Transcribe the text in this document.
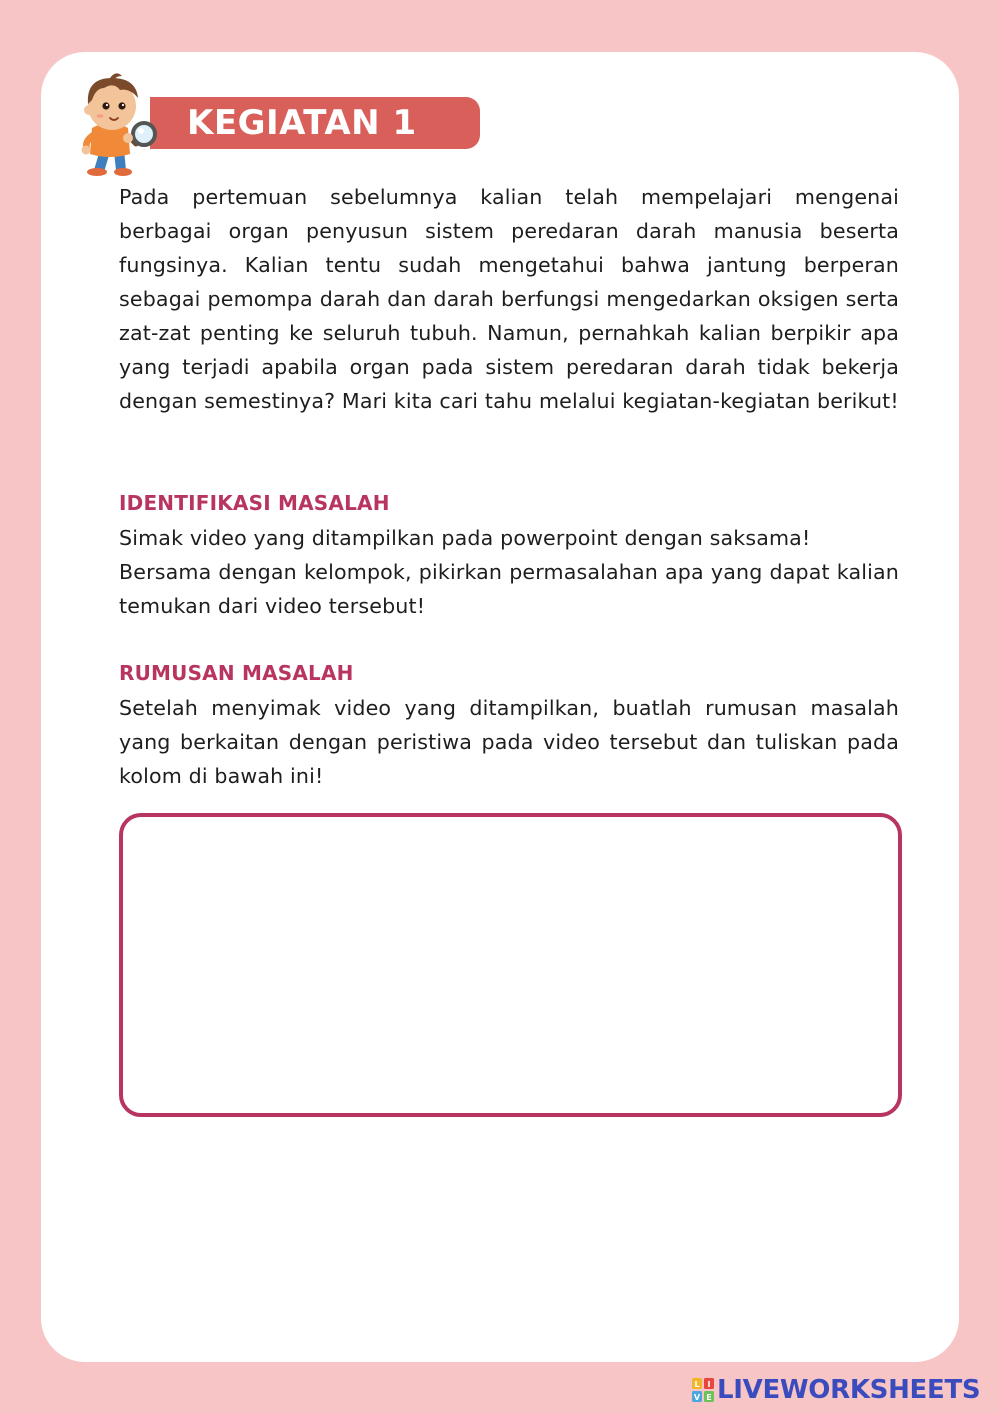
KEGIATAN 1

Pada pertemuan sebelumnya kalian telah mempelajari mengenai berbagai organ penyusun sistem peredaran darah manusia beserta fungsinya. Kalian tentu sudah mengetahui bahwa jantung berperan sebagai pemompa darah dan darah berfungsi mengedarkan oksigen serta zat-zat penting ke seluruh tubuh. Namun, pernahkah kalian berpikir apa yang terjadi apabila organ pada sistem peredaran darah tidak bekerja dengan semestinya? Mari kita cari tahu melalui kegiatan-kegiatan berikut!

IDENTIFIKASI MASALAH

Simak video yang ditampilkan pada powerpoint dengan saksama!

Bersama dengan kelompok, pikirkan permasalahan apa yang dapat kalian temukan dari video tersebut!

RUMUSAN MASALAH

Setelah menyimak video yang ditampilkan, buatlah rumusan masalah yang berkaitan dengan peristiwa pada video tersebut dan tuliskan pada kolom di bawah ini!

L I
V E LIVEWORKSHEETS
